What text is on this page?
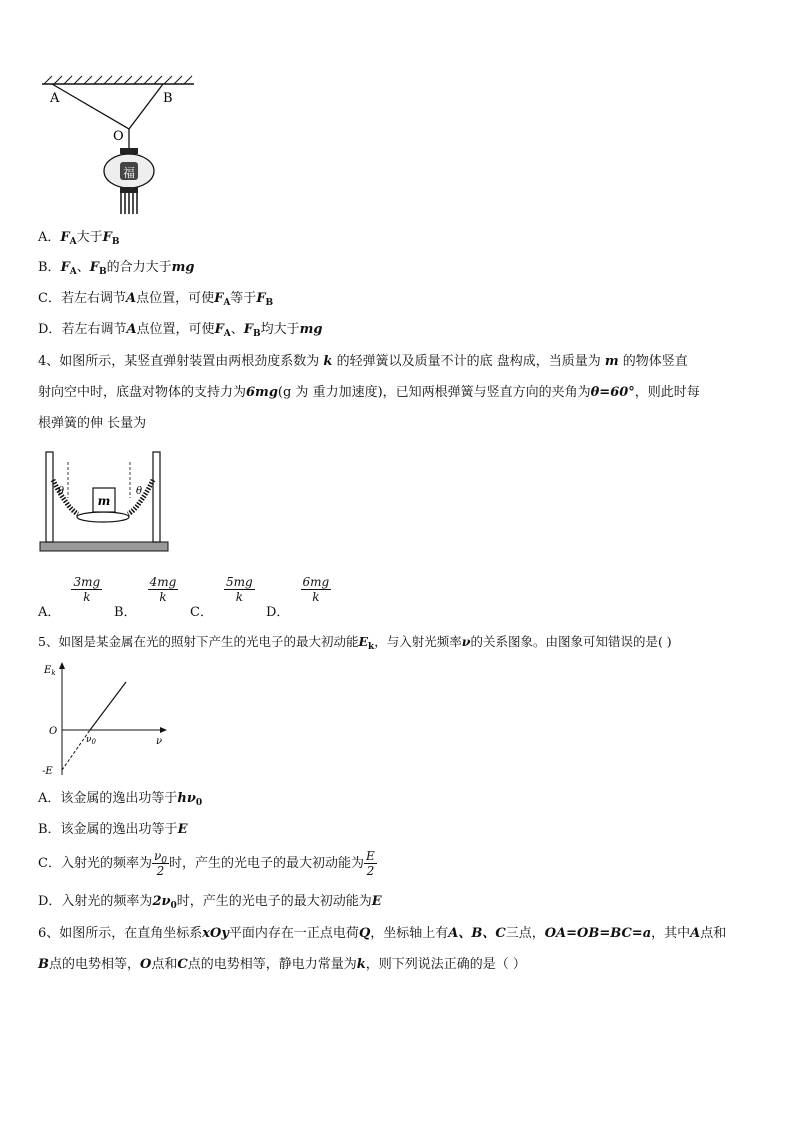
A	B
O
福
A．$F_A$大于$F_B$
B．$F_A$、$F_B$的合力大于mg
C．若左右调节A点位置，可使$F_A$等于$F_B$
D．若左右调节A点位置，可使$F_A$、$F_B$均大于mg
4、如图所示，某竖直弹射装置由两根劲度系数为 k 的轻弹簧以及质量不计的底 盘构成，当质量为 m 的物体竖直
射向空中时，底盘对物体的支持力为6mg(g 为 重力加速度)，已知两根弹簧与竖直方向的夹角为θ=60°，则此时每
根弹簧的伸 长量为
m
θ	θ
$_{A.}$
$\frac{3mg}{k}$
$_{B.}$
$\frac{4mg}{k}$
$_{C.}$
$\frac{5mg}{k}$
$_{D.}$
$\frac{6mg}{k}$
5、如图是某金属在光的照射下产生的光电子的最大初动能$E_k$，与入射光频率ν的关系图象。由图象可知错误的是( )
$E_k$
ν
O
$\nu_0$
-E
A．该金属的逸出功等于$h\nu_0$
B．该金属的逸出功等于E
C．入射光的频率为 $\frac{\nu_0}{2}$ 时，产生的光电子的最大初动能为 $\frac{E}{2}$
D．入射光的频率为$2\nu_0$时，产生的光电子的最大初动能为E
6、如图所示，在直角坐标系xOy平面内存在一正点电荷Q，坐标轴上有A、B、C三点，OA=OB=BC=a，其中A点和
B点的电势相等，O点和C点的电势相等，静电力常量为k，则下列说法正确的是（ ）
